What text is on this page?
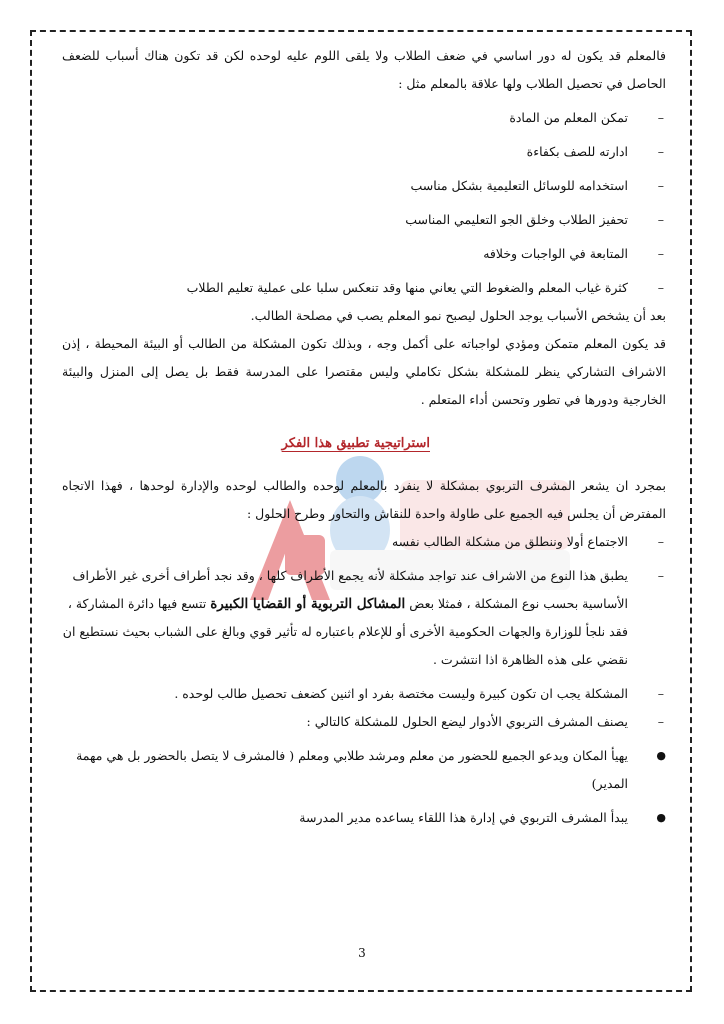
فالمعلم قد يكون له دور اساسي في ضعف الطلاب ولا يلقى اللوم عليه لوحده لكن قد تكون هناك أسباب للضعف الحاصل في تحصيل الطلاب ولها علاقة بالمعلم مثل :

– تمكن المعلم من المادة
– ادارته للصف بكفاءة
– استخدامه للوسائل التعليمية بشكل مناسب
– تحفيز الطلاب وخلق الجو التعليمي المناسب
– المتابعة في الواجبات وخلافه
– كثرة غياب المعلم والضغوط التي يعاني منها وقد تنعكس سلبا على عملية تعليم الطلاب

بعد أن يشخص الأسباب يوجد الحلول ليصبح نمو المعلم يصب في مصلحة الطالب.

قد يكون المعلم متمكن ومؤدي لواجباته على أكمل وجه ، وبذلك تكون المشكلة من الطالب أو البيئة المحيطة ، إذن الاشراف التشاركي ينظر للمشكلة بشكل تكاملي وليس مقتصرا على المدرسة فقط بل يصل إلى المنزل والبيئة الخارجية ودورها في تطور وتحسن أداء المتعلم .

استراتيجية تطبيق هذا الفكر

بمجرد ان يشعر المشرف التربوي بمشكلة لا ينفرد بالمعلم لوحده والطالب لوحده والإدارة لوحدها ، فهذا الاتجاه المفترض أن يجلس فيه الجميع على طاولة واحدة للنقاش والتحاور وطرح الحلول :

– الاجتماع أولا وننطلق من مشكلة الطالب نفسه
– يطبق هذا النوع من الاشراف عند تواجد مشكلة لأنه يجمع الأطراف كلها ، وقد نجد أطراف أخرى غير الأطراف الأساسية بحسب نوع المشكلة ، فمثلا بعض المشاكل التربوية أو القضايا الكبيرة تتسع فيها دائرة المشاركة ، فقد نلجأ للوزارة والجهات الحكومية الأخرى أو للإعلام باعتباره له تأثير قوي وبالغ على الشباب بحيث نستطيع ان نقضي على هذه الظاهرة اذا انتشرت .
– المشكلة يجب ان تكون كبيرة وليست مختصة بفرد او اثنين كضعف تحصيل طالب لوحده .
– يصنف المشرف التربوي الأدوار ليضع الحلول للمشكلة كالتالي :
● يهيأ المكان ويدعو الجميع للحضور من معلم ومرشد طلابي ومعلم ( فالمشرف لا يتصل بالحضور بل هي مهمة المدير)
● يبدأ المشرف التربوي في إدارة هذا اللقاء يساعده مدير المدرسة
3
